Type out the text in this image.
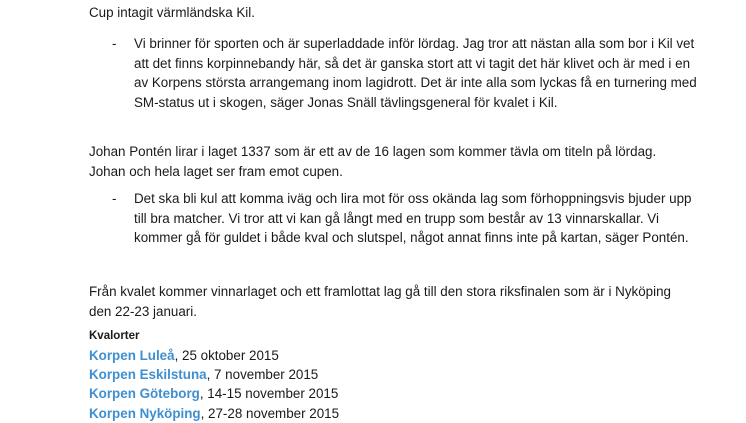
Cup intagit värmländska Kil.

- Vi brinner för sporten och är superladdade inför lördag. Jag tror att nästan alla som bor i Kil vet att det finns korpinnebandy här, så det är ganska stort att vi tagit det här klivet och är med i en av Korpens största arrangemang inom lagidrott. Det är inte alla som lyckas få en turnering med SM-status ut i skogen, säger Jonas Snäll tävlingsgeneral för kvalet i Kil.

Johan Pontén lirar i laget 1337 som är ett av de 16 lagen som kommer tävla om titeln på lördag. Johan och hela laget ser fram emot cupen.

- Det ska bli kul att komma iväg och lira mot för oss okända lag som förhoppningsvis bjuder upp till bra matcher. Vi tror att vi kan gå långt med en trupp som består av 13 vinnarskallar. Vi kommer gå för guldet i både kval och slutspel, något annat finns inte på kartan, säger Pontén.

Från kvalet kommer vinnarlaget och ett framlottat lag gå till den stora riksfinalen som är i Nyköping den 22-23 januari.

Kvalorter

Korpen Luleå, 25 oktober 2015
Korpen Eskilstuna, 7 november 2015
Korpen Göteborg, 14-15 november 2015
Korpen Nyköping, 27-28 november 2015
